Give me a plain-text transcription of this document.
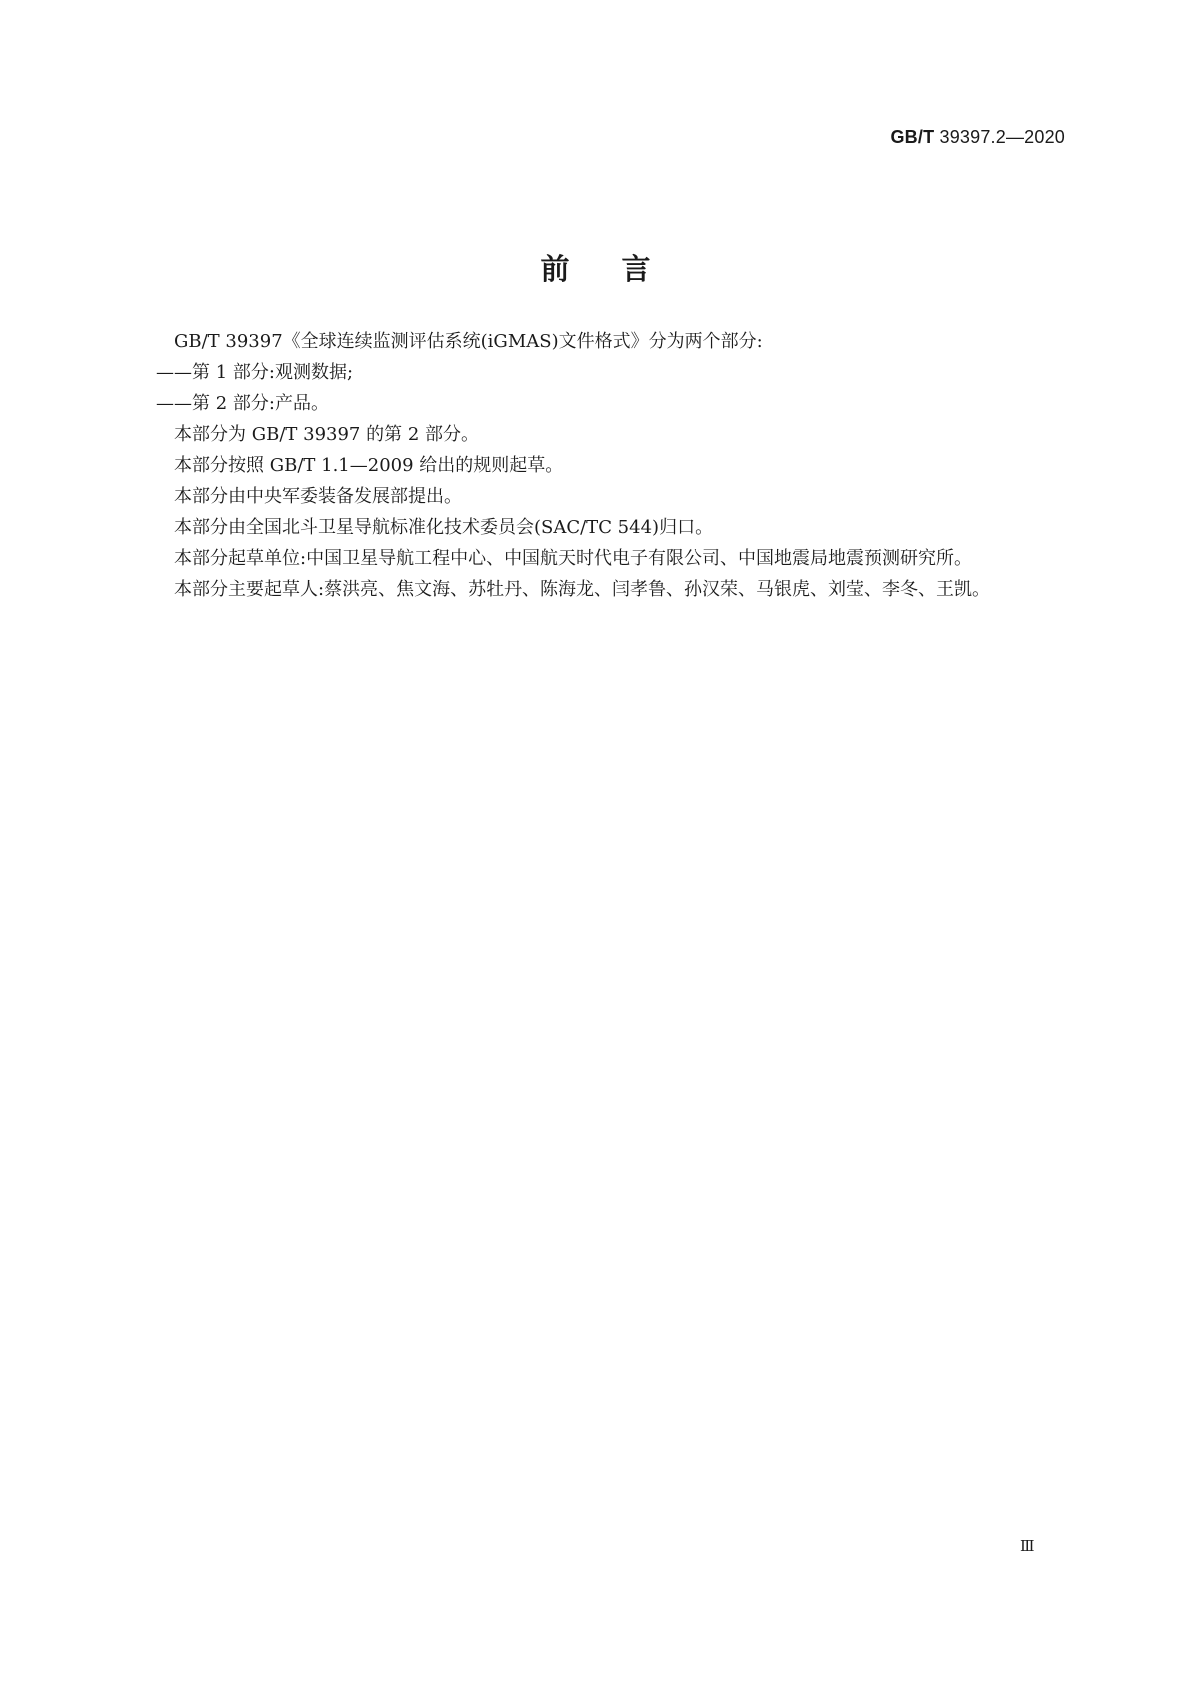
GB/T 39397.2—2020
前言

GB/T 39397《全球连续监测评估系统(iGMAS)文件格式》分为两个部分:

——第 1 部分:观测数据;

——第 2 部分:产品。

本部分为 GB/T 39397 的第 2 部分。

本部分按照 GB/T 1.1—2009 给出的规则起草。

本部分由中央军委装备发展部提出。

本部分由全国北斗卫星导航标准化技术委员会(SAC/TC 544)归口。

本部分起草单位:中国卫星导航工程中心、中国航天时代电子有限公司、中国地震局地震预测研究所。

本部分主要起草人:蔡洪亮、焦文海、苏牡丹、陈海龙、闫孝鲁、孙汉荣、马银虎、刘莹、李冬、王凯。

Ⅲ
